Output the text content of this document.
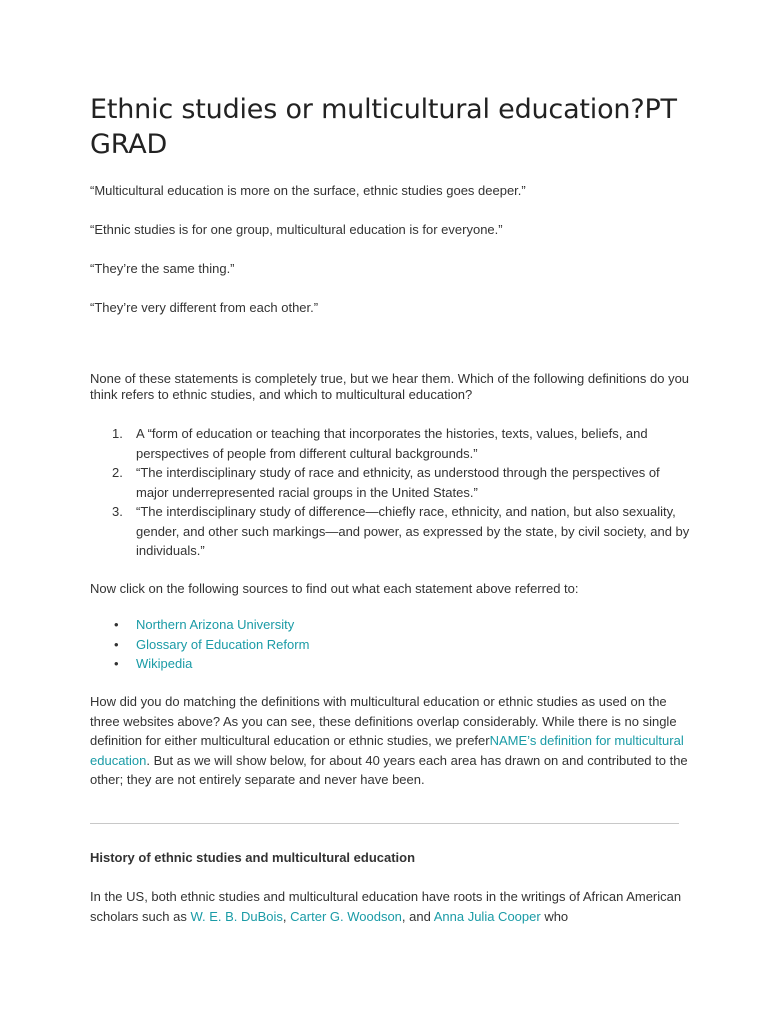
Ethnic studies or multicultural education?PT GRAD

“Multicultural education is more on the surface, ethnic studies goes deeper.”

“Ethnic studies is for one group, multicultural education is for everyone.”

“They’re the same thing.”

“They’re very different from each other.”

None of these statements is completely true, but we hear them. Which of the following definitions do you think refers to ethnic studies, and which to multicultural education?

1. A “form of education or teaching that incorporates the histories, texts, values, beliefs, and perspectives of people from different cultural backgrounds.”
2. “The interdisciplinary study of race and ethnicity, as understood through the perspectives of major underrepresented racial groups in the United States.”
3. “The interdisciplinary study of difference—chiefly race, ethnicity, and nation, but also sexuality, gender, and other such markings—and power, as expressed by the state, by civil society, and by individuals.”

Now click on the following sources to find out what each statement above referred to:

• Northern Arizona University
• Glossary of Education Reform
• Wikipedia

How did you do matching the definitions with multicultural education or ethnic studies as used on the three websites above? As you can see, these definitions overlap considerably. While there is no single definition for either multicultural education or ethnic studies, we preferNAME’s definition for multicultural education. But as we will show below, for about 40 years each area has drawn on and contributed to the other; they are not entirely separate and never have been.

History of ethnic studies and multicultural education

In the US, both ethnic studies and multicultural education have roots in the writings of African American scholars such as W. E. B. DuBois, Carter G. Woodson, and Anna Julia Cooper who
